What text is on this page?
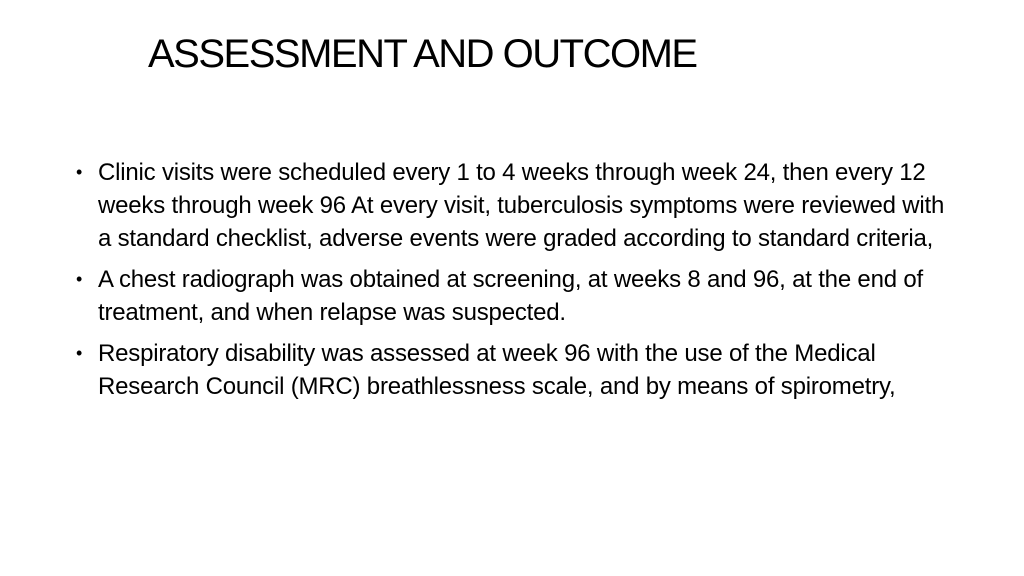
ASSESSMENT AND OUTCOME
• Clinic visits were scheduled every 1 to 4 weeks through week 24, then every 12 weeks through week 96 At every visit, tuberculosis symptoms were reviewed with a standard checklist, adverse events were graded according to standard criteria,
• A chest radiograph was obtained at screening, at weeks 8 and 96, at the end of treatment, and when relapse was suspected.
• Respiratory disability was assessed at week 96 with the use of the Medical Research Council (MRC) breathlessness scale, and by means of spirometry,
